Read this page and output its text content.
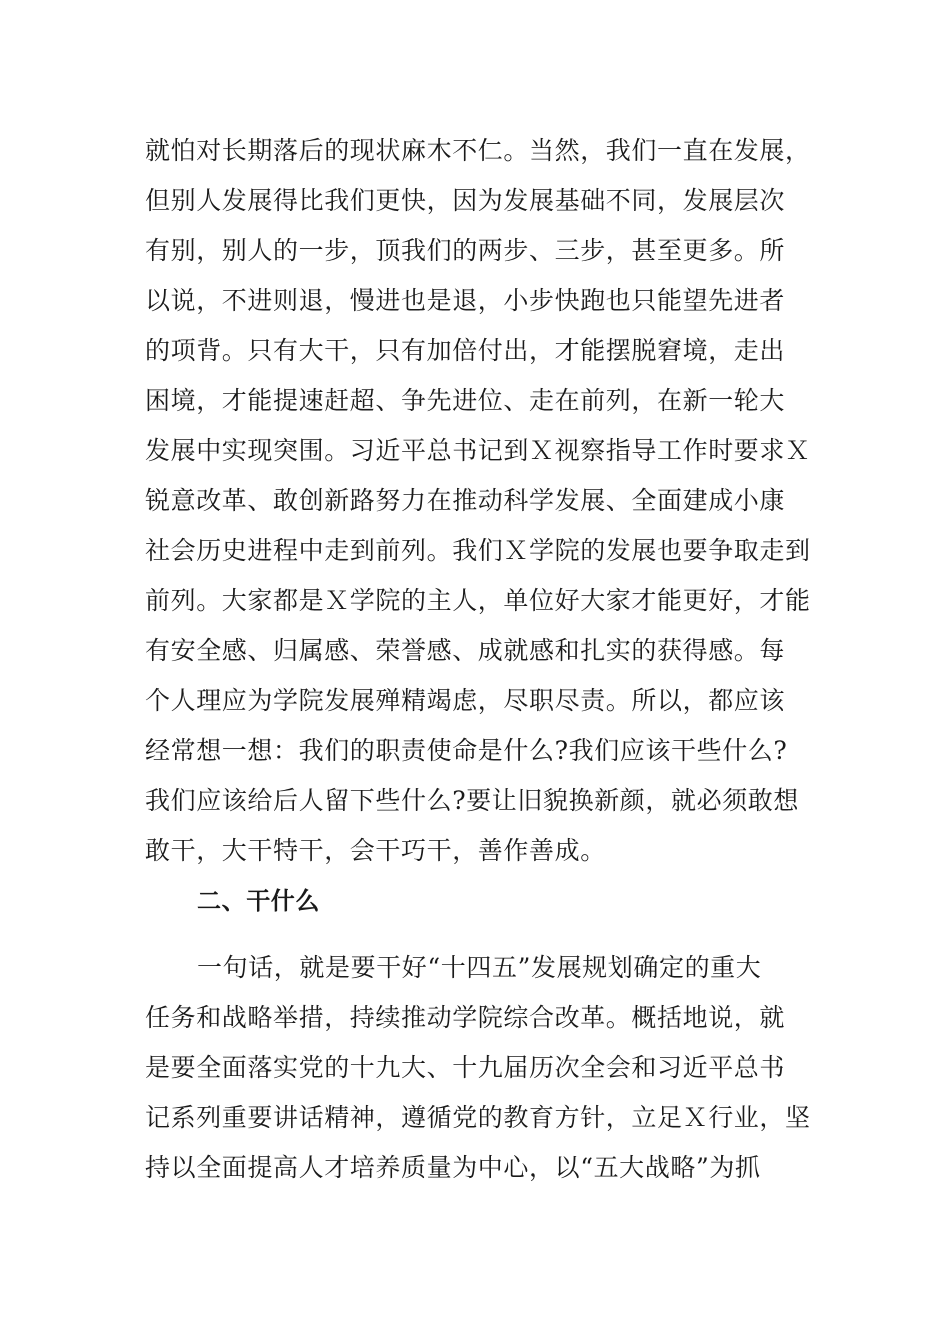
就怕对长期落后的现状麻木不仁。当然，我们一直在发展，
但别人发展得比我们更快，因为发展基础不同，发展层次
有别，别人的一步，顶我们的两步、三步，甚至更多。所
以说，不进则退，慢进也是退，小步快跑也只能望先进者
的项背。只有大干，只有加倍付出，才能摆脱窘境，走出
困境，才能提速赶超、争先进位、走在前列，在新一轮大
发展中实现突围。习近平总书记到Ｘ视察指导工作时要求Ｘ
锐意改革、敢创新路努力在推动科学发展、全面建成小康
社会历史进程中走到前列。我们Ｘ学院的发展也要争取走到
前列。大家都是Ｘ学院的主人，单位好大家才能更好，才能
有安全感、归属感、荣誉感、成就感和扎实的获得感。每
个人理应为学院发展殚精竭虑，尽职尽责。所以，都应该
经常想一想：我们的职责使命是什么?我们应该干些什么?
我们应该给后人留下些什么?要让旧貌换新颜，就必须敢想
敢干，大干特干，会干巧干，善作善成。
二、干什么
一句话，就是要干好“十四五”发展规划确定的重大
任务和战略举措，持续推动学院综合改革。概括地说，就
是要全面落实党的十九大、十九届历次全会和习近平总书
记系列重要讲话精神，遵循党的教育方针，立足Ｘ行业，坚
持以全面提高人才培养质量为中心，以“五大战略”为抓
